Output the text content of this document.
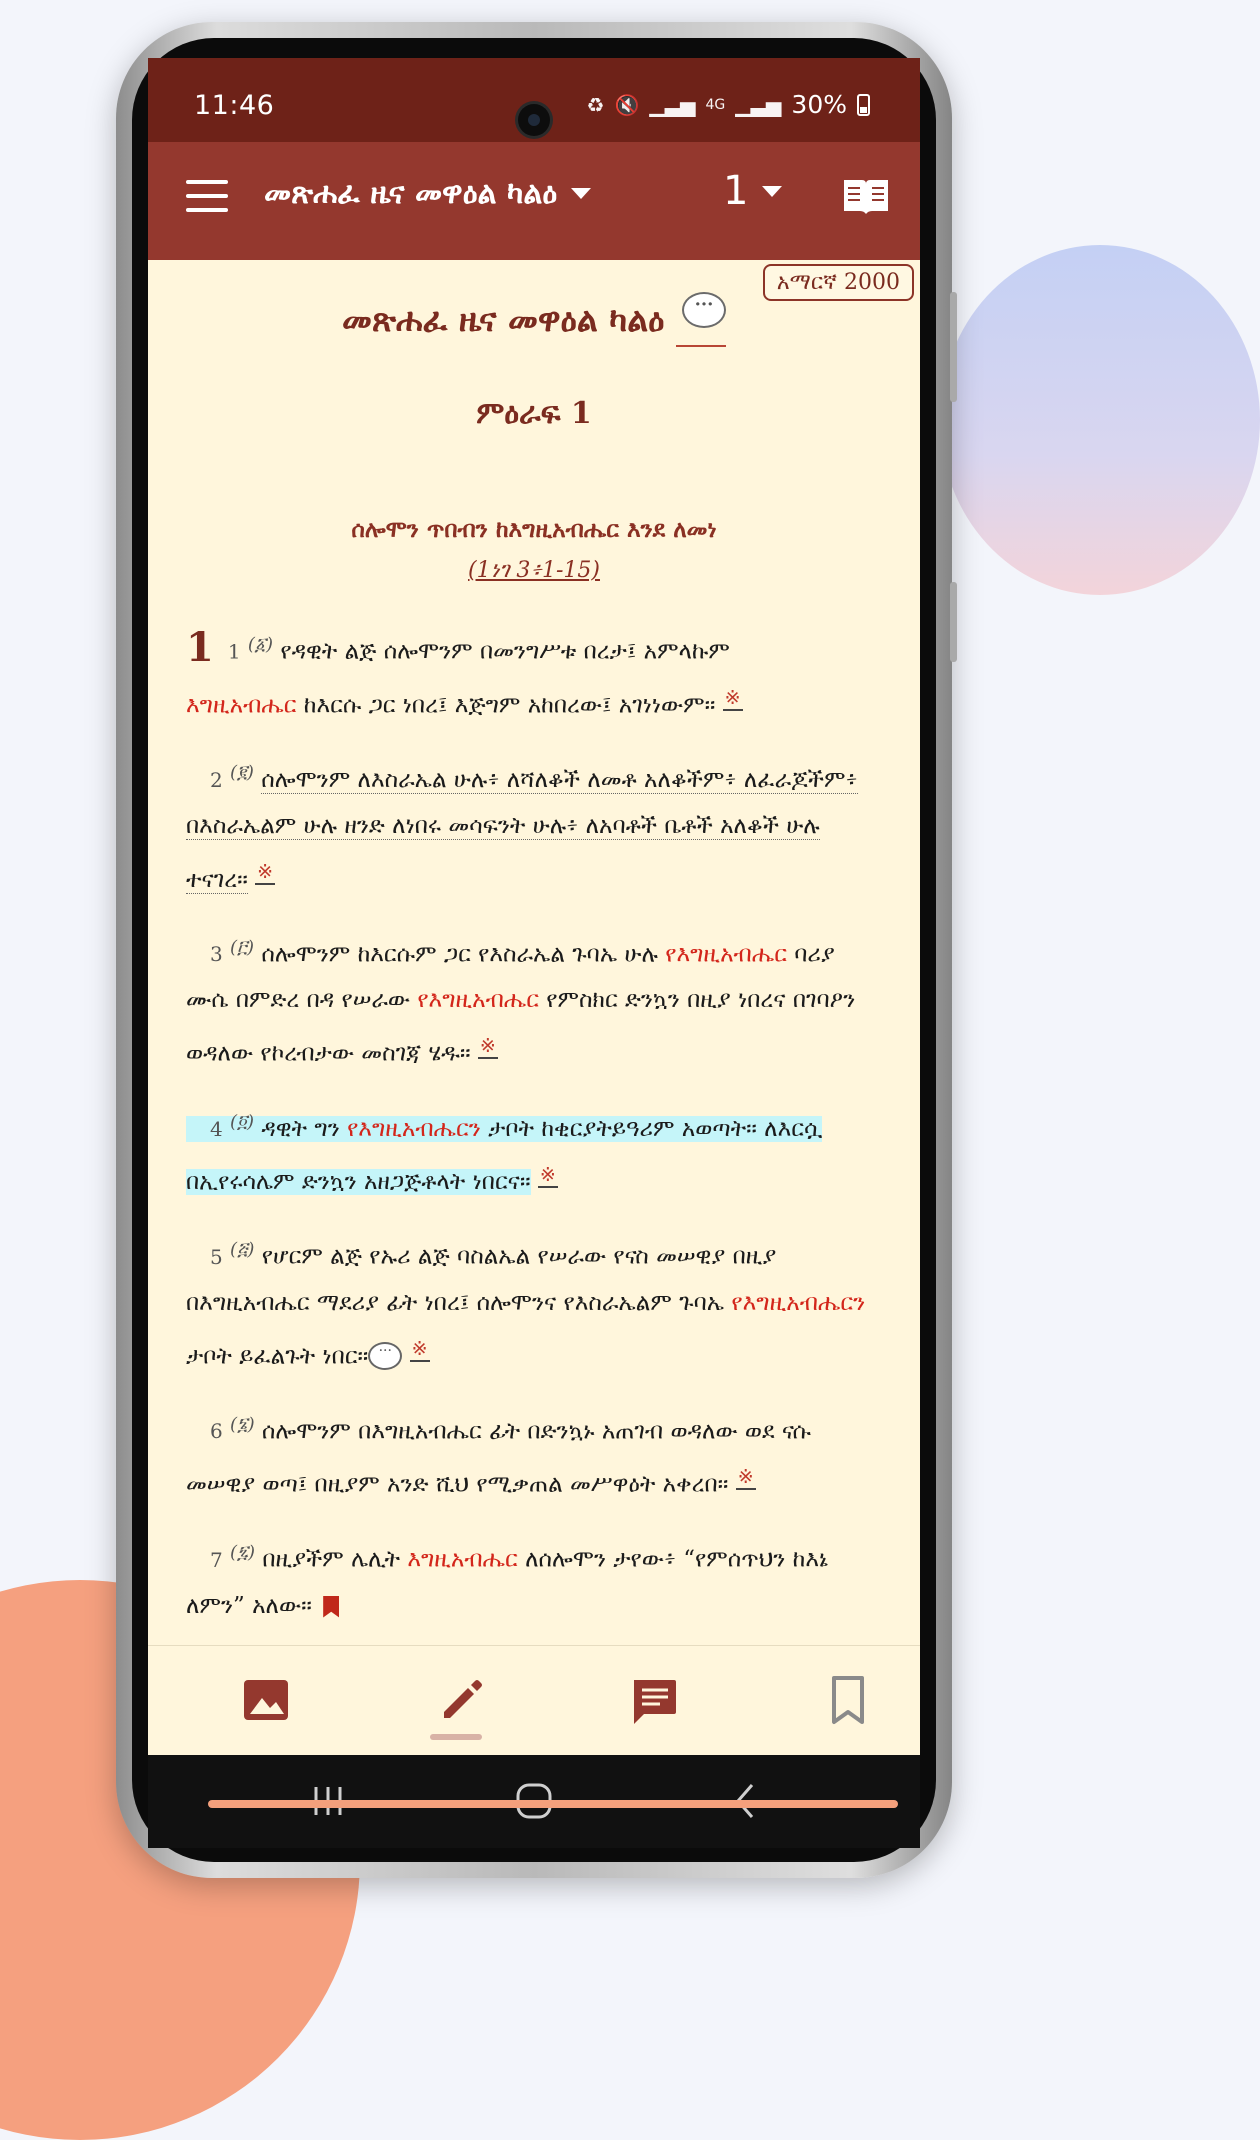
11:46	♻ 🔇 ▁▃▅ 4G ▁▃▅ 30%
መጽሐፈ ዜና መዋዕል ካልዕ	1
አማርኛ 2000
መጽሐፈ ዜና መዋዕል ካልዕ ···
ምዕራፍ 1
ሰሎሞን ጥበብን ከእግዚአብሔር እንደ ለመነ
(1ነገ 3፥1-15)
1 1 $^{(፩)}$ የዳዊት ልጅ ሰሎሞንም በመንግሥቱ በረታ፤ አምላኩም
እግዚአብሔር ከእርሱ ጋር ነበረ፤ እጅግም አከበረው፤ አገነነውም። ※
2 $^{(፪)}$ ሰሎሞንም ለእስራኤል ሁሉ፥ ለሻለቆች ለመቶ አለቆችም፥ ለፈራጆችም፥ በእስራኤልም ሁሉ ዘንድ ለነበሩ መሳፍንት ሁሉ፥ ለአባቶች ቤቶች አለቆች ሁሉ ተናገረ። ※
3 $^{(፫)}$ ሰሎሞንም ከእርሱም ጋር የእስራኤል ጉባኤ ሁሉ የእግዚአብሔር ባሪያ ሙሴ በምድረ በዳ የሠራው የእግዚአብሔር የምስክር ድንኳን በዚያ ነበረና በገባዖን ወዳለው የኮረብታው መስገጃ ሄዱ። ※
4 $^{(፬)}$ ዳዊት ግን የእግዚአብሔርን ታቦት ከቂርያትይዓሪም አወጣት። ለእርሷ በኢየሩሳሌም ድንኳን አዘጋጅቶላት ነበርና። ※
5 $^{(፭)}$ የሆርም ልጅ የኡሪ ልጅ ባስልኤል የሠራው የናስ መሠዊያ በዚያ በእግዚአብሔር ማደሪያ ፊት ነበረ፤ ሰሎሞንና የእስራኤልም ጉባኤ የእግዚአብሔርን ታቦት ይፈልጉት ነበር። ··· ※
6 $^{(፮)}$ ሰሎሞንም በእግዚአብሔር ፊት በድንኳኑ አጠገብ ወዳለው ወደ ናሱ መሠዊያ ወጣ፤ በዚያም አንድ ሺህ የሚቃጠል መሥዋዕት አቀረበ። ※
7 $^{(፯)}$ በዚያችም ሌሊት እግዚአብሔር ለሰሎሞን ታየው፥ “የምሰጥህን ከእኔ ለምን” አለው።
